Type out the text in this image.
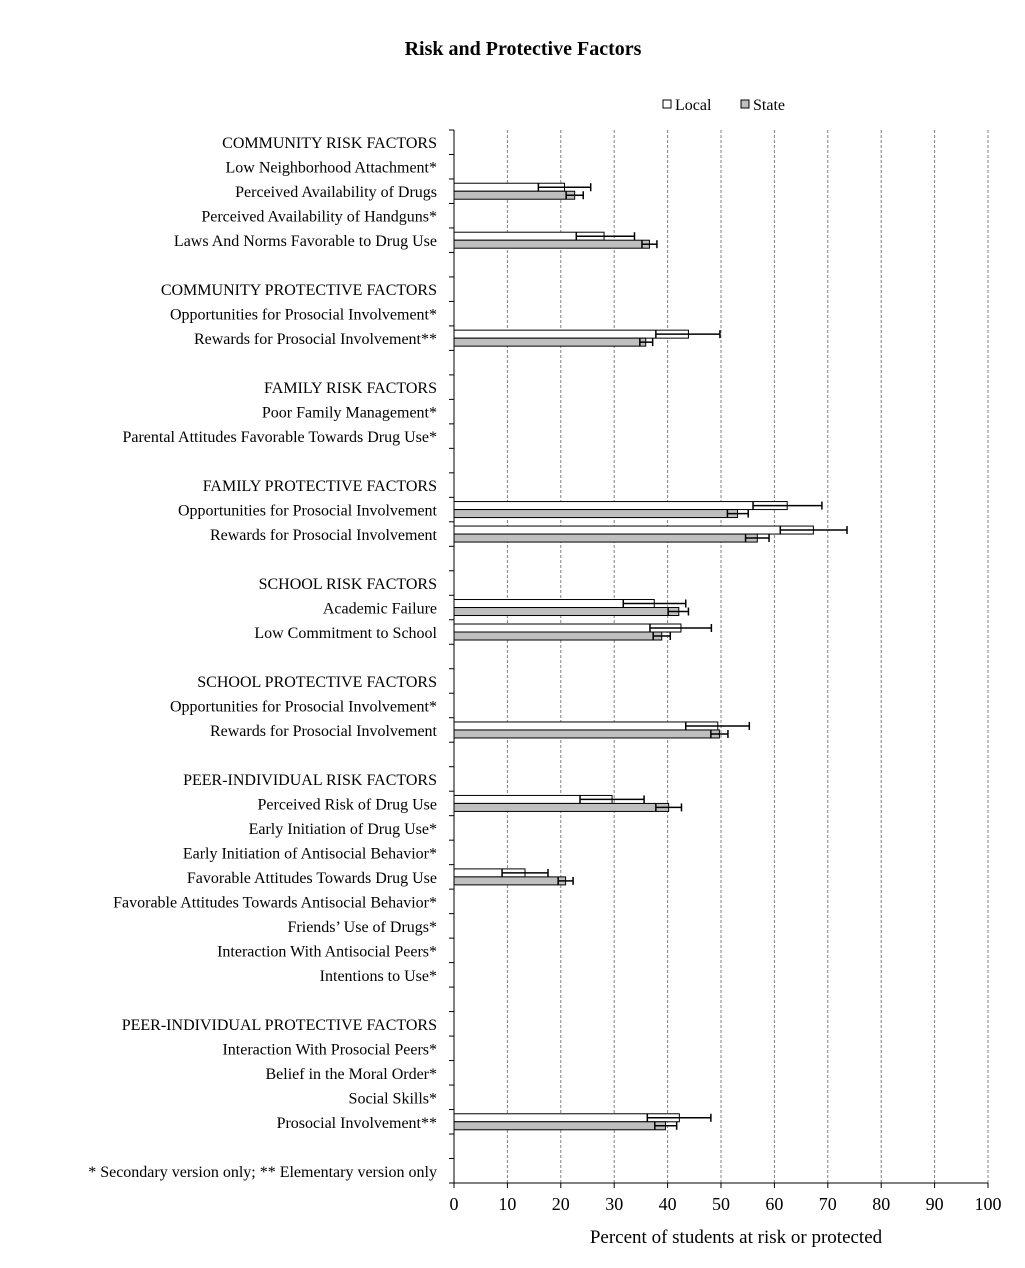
Risk and Protective Factors
Local	State
COMMUNITY RISK FACTORS
Low Neighborhood Attachment*
Perceived Availability of Drugs
Perceived Availability of Handguns*
Laws And Norms Favorable to Drug Use
COMMUNITY PROTECTIVE FACTORS
Opportunities for Prosocial Involvement*
Rewards for Prosocial Involvement**
FAMILY RISK FACTORS
Poor Family Management*
Parental Attitudes Favorable Towards Drug Use*
FAMILY PROTECTIVE FACTORS
Opportunities for Prosocial Involvement
Rewards for Prosocial Involvement
SCHOOL RISK FACTORS
Academic Failure
Low Commitment to School
SCHOOL PROTECTIVE FACTORS
Opportunities for Prosocial Involvement*
Rewards for Prosocial Involvement
PEER-INDIVIDUAL RISK FACTORS
Perceived Risk of Drug Use
Early Initiation of Drug Use*
Early Initiation of Antisocial Behavior*
Favorable Attitudes Towards Drug Use
Favorable Attitudes Towards Antisocial Behavior*
Friends’ Use of Drugs*
Interaction With Antisocial Peers*
Intentions to Use*
PEER-INDIVIDUAL PROTECTIVE FACTORS
Interaction With Prosocial Peers*
Belief in the Moral Order*
Social Skills*
Prosocial Involvement**
* Secondary version only; ** Elementary version only
0 10 20 30 40 50 60 70 80 90 100
Percent of students at risk or protected
